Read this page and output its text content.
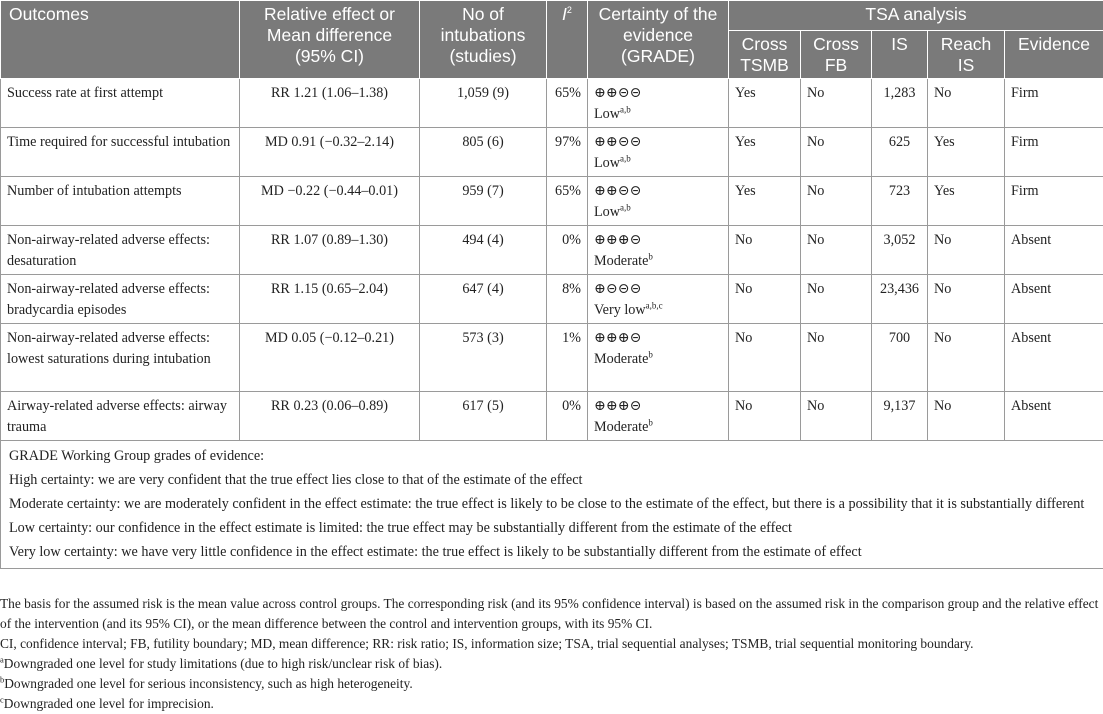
Outcomes	Relative effect or Mean difference (95% CI)	No of intubations (studies)	$I^2$	Certainty of the evidence (GRADE)	TSA analysis				
					Cross TSMB	Cross FB	IS	Reach IS	Evidence
Success rate at first attempt	RR 1.21 (1.06–1.38)	1,059 (9)	65%	⊕⊕⊝⊝
Low$^{a,b}$	Yes	No	1,283	No	Firm
Time required for successful intubation	MD 0.91 (−0.32–2.14)	805 (6)	97%	⊕⊕⊝⊝
Low$^{a,b}$	Yes	No	625	Yes	Firm
Number of intubation attempts	MD −0.22 (−0.44–0.01)	959 (7)	65%	⊕⊕⊝⊝
Low$^{a,b}$	Yes	No	723	Yes	Firm
Non-airway-related adverse effects: desaturation	RR 1.07 (0.89–1.30)	494 (4)	0%	⊕⊕⊕⊝
Moderate$^b$	No	No	3,052	No	Absent
Non-airway-related adverse effects: bradycardia episodes	RR 1.15 (0.65–2.04)	647 (4)	8%	⊕⊝⊝⊝
Very low$^{a,b,c}$	No	No	23,436	No	Absent
Non-airway-related adverse effects: lowest saturations during intubation	MD 0.05 (−0.12–0.21)	573 (3)	1%	⊕⊕⊕⊝
Moderate$^b$	No	No	700	No	Absent
Airway-related adverse effects: airway trauma	RR 0.23 (0.06–0.89)	617 (5)	0%	⊕⊕⊕⊝
Moderate$^b$	No	No	9,137	No	Absent

GRADE Working Group grades of evidence:

High certainty: we are very confident that the true effect lies close to that of the estimate of the effect

Moderate certainty: we are moderately confident in the effect estimate: the true effect is likely to be close to the estimate of the effect, but there is a possibility that it is substantially different

Low certainty: our confidence in the effect estimate is limited: the true effect may be substantially different from the estimate of the effect

Very low certainty: we have very little confidence in the effect estimate: the true effect is likely to be substantially different from the estimate of effect									

The basis for the assumed risk is the mean value across control groups. The corresponding risk (and its 95% confidence interval) is based on the assumed risk in the comparison group and the relative effect of the intervention (and its 95% CI), or the mean difference between the control and intervention groups, with its 95% CI.

CI, confidence interval; FB, futility boundary; MD, mean difference; RR: risk ratio; IS, information size; TSA, trial sequential analyses; TSMB, trial sequential monitoring boundary.

$^a$Downgraded one level for study limitations (due to high risk/unclear risk of bias).

$^b$Downgraded one level for serious inconsistency, such as high heterogeneity.

$^c$Downgraded one level for imprecision.
